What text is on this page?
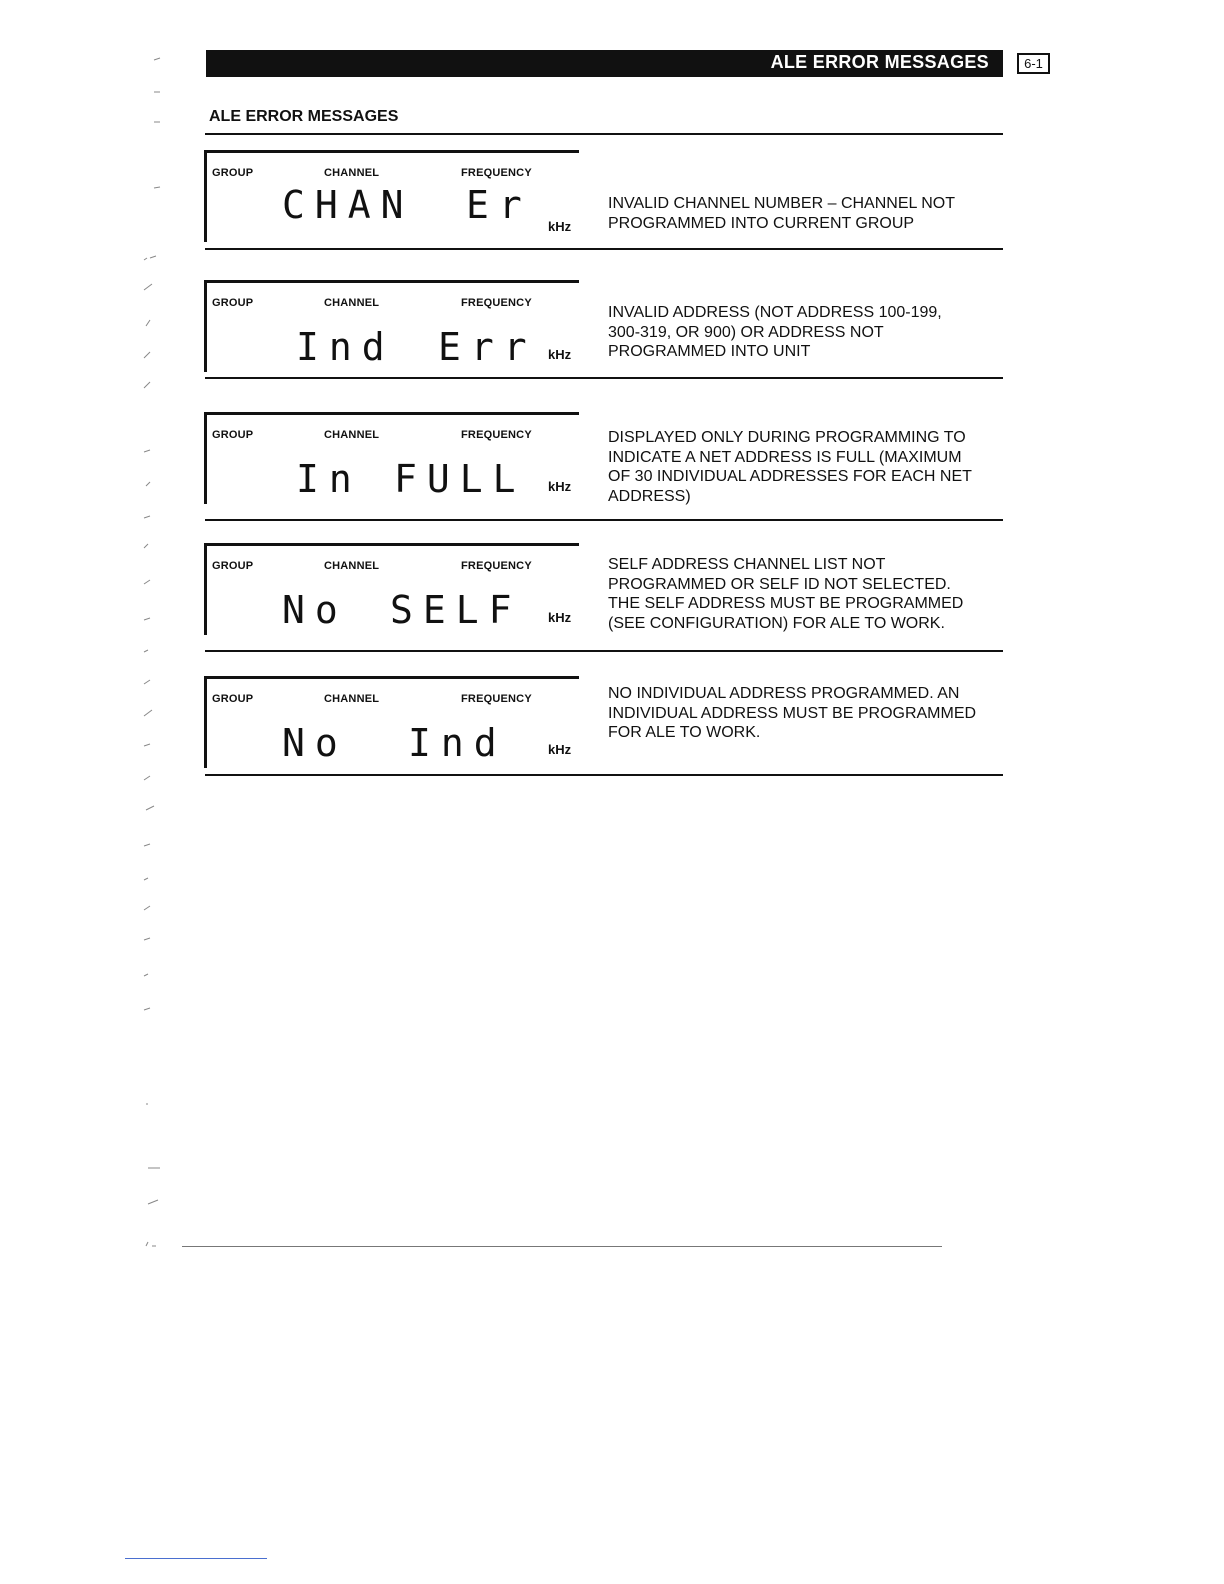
ALE ERROR MESSAGES	6-1
ALE ERROR MESSAGES
GROUP	CHANNEL	FREQUENCY
CHAN Er kHz
INVALID CHANNEL NUMBER – CHANNEL NOT
PROGRAMMED INTO CURRENT GROUP
GROUP	CHANNEL	FREQUENCY
Ind Err kHz
INVALID ADDRESS (NOT ADDRESS 100-199,
300-319, OR 900) OR ADDRESS NOT
PROGRAMMED INTO UNIT
GROUP	CHANNEL	FREQUENCY
In FULL kHz
DISPLAYED ONLY DURING PROGRAMMING TO
INDICATE A NET ADDRESS IS FULL (MAXIMUM
OF 30 INDIVIDUAL ADDRESSES FOR EACH NET
ADDRESS)
GROUP	CHANNEL	FREQUENCY
No SELF kHz
SELF ADDRESS CHANNEL LIST NOT
PROGRAMMED OR SELF ID NOT SELECTED.
THE SELF ADDRESS MUST BE PROGRAMMED
(SEE CONFIGURATION) FOR ALE TO WORK.
GROUP	CHANNEL	FREQUENCY
No Ind	kHz
NO INDIVIDUAL ADDRESS PROGRAMMED. AN
INDIVIDUAL ADDRESS MUST BE PROGRAMMED
FOR ALE TO WORK.
